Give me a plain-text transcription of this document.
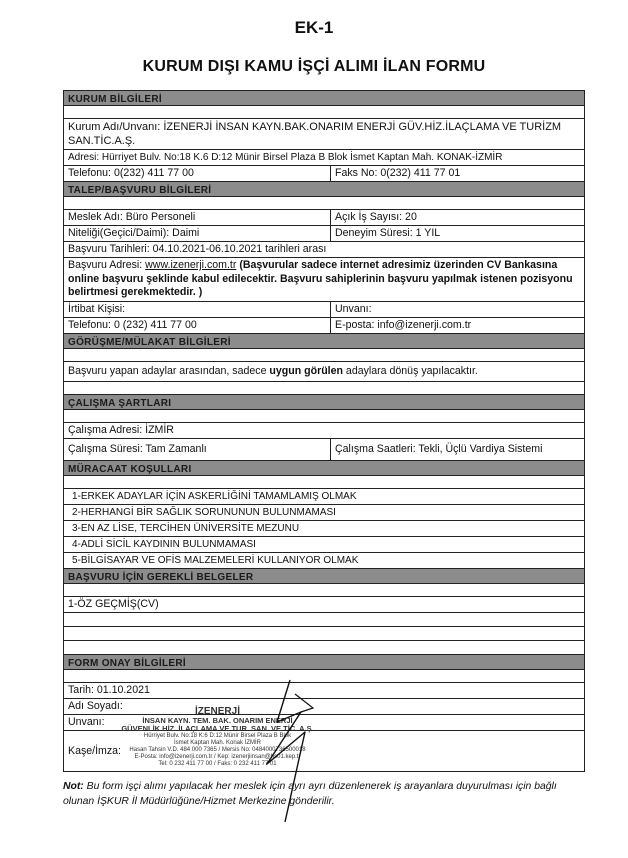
EK-1
KURUM DIŞI KAMU İŞÇİ ALIMI İLAN FORMU
KURUM BİLGİLERİ
Kurum Adı/Unvanı: İZENERJİ İNSAN KAYN.BAK.ONARIM ENERJİ GÜV.HİZ.İLAÇLAMA VE TURİZM SAN.TİC.A.Ş.
Adresi: Hürriyet Bulv. No:18 K.6 D:12 Münir Birsel Plaza B Blok İsmet Kaptan Mah. KONAK-İZMİR
Telefonu: 0(232) 411 77 00	Faks No: 0(232) 411 77 01
TALEP/BAŞVURU BİLGİLERİ
Meslek Adı: Büro Personeli	Açık İş Sayısı: 20
Niteliği(Geçici/Daimi): Daimi	Deneyim Süresi: 1 YIL
Başvuru Tarihleri: 04.10.2021-06.10.2021 tarihleri arası
Başvuru Adresi: www.izenerji.com.tr (Başvurular sadece internet adresimiz üzerinden CV Bankasına online başvuru şeklinde kabul edilecektir. Başvuru sahiplerinin başvuru yapılmak istenen pozisyonu belirtmesi gerekmektedir. )
İrtibat Kişisi:	Unvanı:
Telefonu: 0 (232) 411 77 00	E-posta: info@izenerji.com.tr
GÖRÜŞME/MÜLAKAT BİLGİLERİ
Başvuru yapan adaylar arasından, sadece uygun görülen adaylara dönüş yapılacaktır.
ÇALIŞMA ŞARTLARI
Çalışma Adresi: İZMİR
Çalışma Süresi: Tam Zamanlı	Çalışma Saatleri: Tekli, Üçlü Vardiya Sistemi
MÜRACAAT KOŞULLARI
1-ERKEK ADAYLAR İÇİN ASKERLİĞİNİ TAMAMLAMIŞ OLMAK
2-HERHANGİ BİR SAĞLIK SORUNUNUN BULUNMAMASI
3-EN AZ LİSE, TERCİHEN ÜNİVERSİTE MEZUNU
4-ADLİ SİCİL KAYDININ BULUNMAMASI
5-BİLGİSAYAR VE OFİS MALZEMELERİ KULLANIYOR OLMAK
BAŞVURU İÇİN GEREKLİ BELGELER
1-ÖZ GEÇMİŞ(CV)
FORM ONAY BİLGİLERİ
Tarih: 01.10.2021
Adı Soyadı:
Unvanı:
Kaşe/İmza:
İZENERJİ
İNSAN KAYN. TEM. BAK. ONARIM ENERJİ
GÜVENLİK HİZ. İLAÇLAMA VE TUR. SAN. VE TİC. A.Ş.
Hürriyet Bulv. No:18 K:6 D:12 Münir Birsel Plaza B Blok
İsmet Kaptan Mah. Konak İZMİR
Hasan Tahsin V.D. 484 000 7365 / Mersis No: 0484000736500018
E-Posta: info@izenerji.com.tr / Kep: izenerjiinsan@hs01.kep.tr
Tel: 0 232 411 77 00 / Faks: 0 232 411 77 01
Not: Bu form işçi alımı yapılacak her meslek için ayrı ayrı düzenlenerek iş arayanlara duyurulması için bağlı olunan İŞKUR İl Müdürlüğüne/Hizmet Merkezine gönderilir.
